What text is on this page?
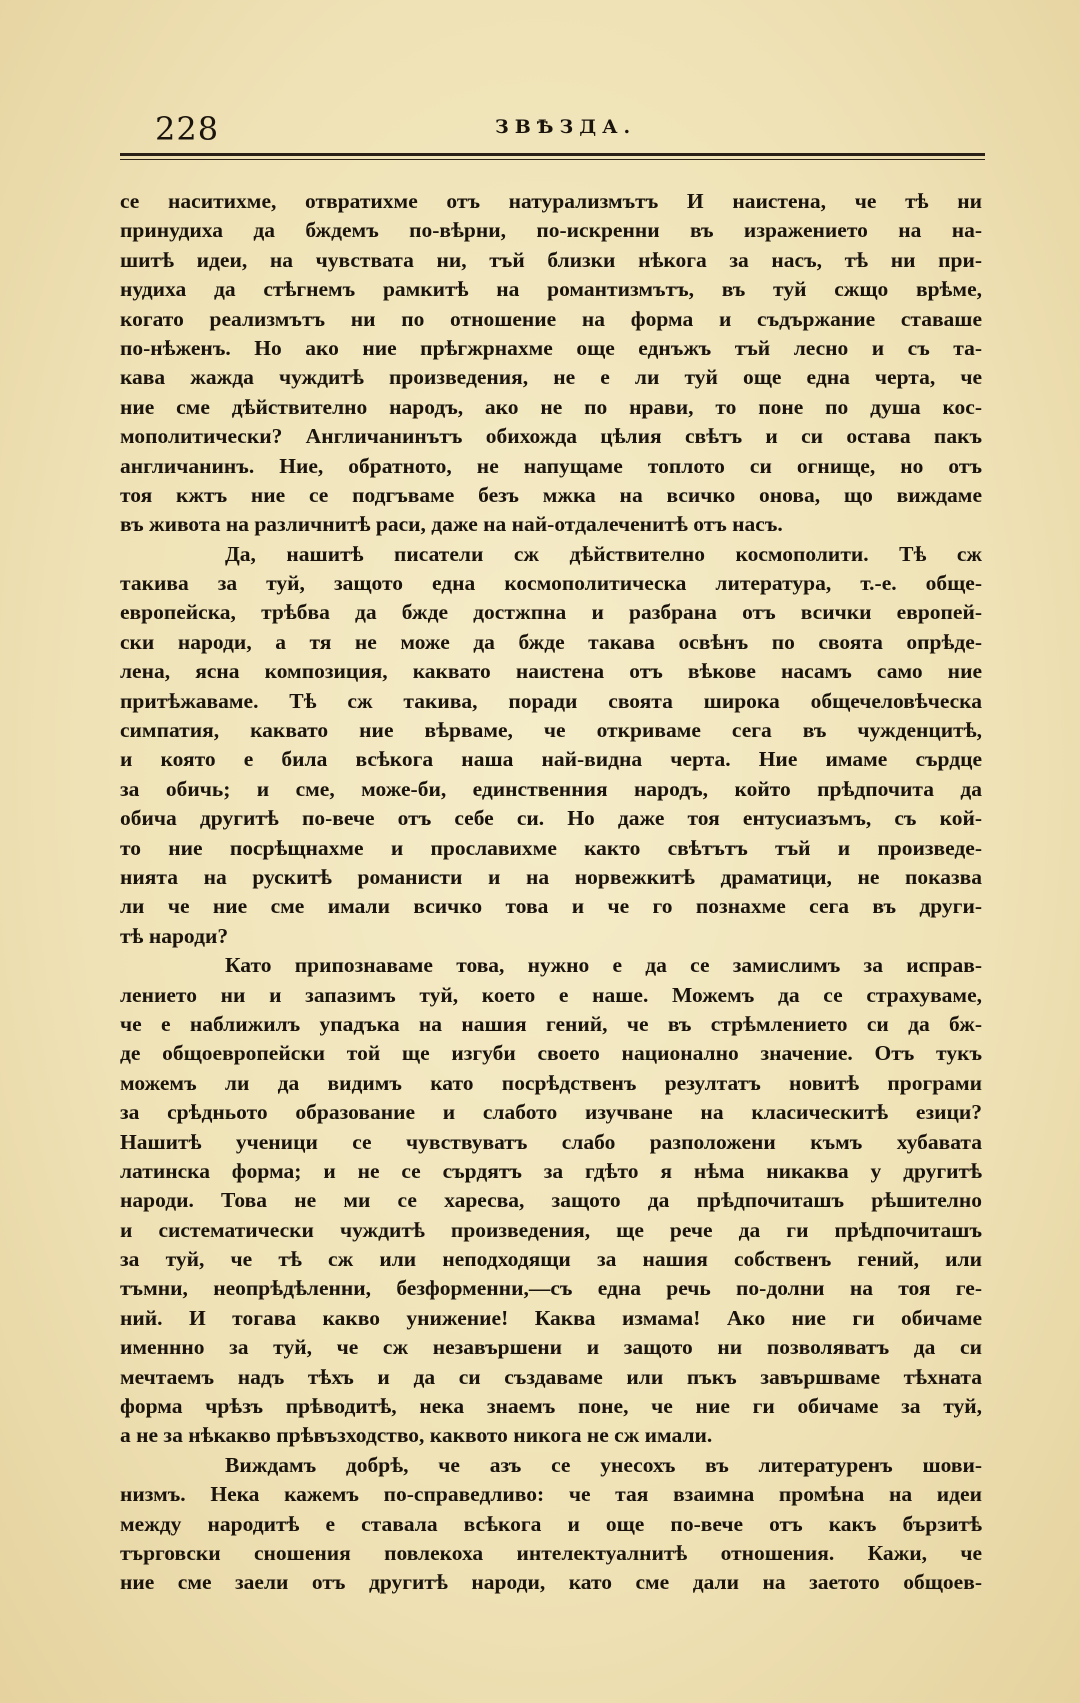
228	ЗВѢЗДА.
се наситихме, отвратихме отъ натурализмътъ И наистена, че тѣ ни
принудиха да бждемъ по-вѣрни, по-искренни въ изражението на на-
шитѣ идеи, на чувствата ни, тъй близки нѣкога за насъ, тѣ ни при-
нудиха да стѣгнемъ рамкитѣ на романтизмътъ, въ туй сжщо врѣме,
когато реализмътъ ни по отношение на форма и съдържание ставаше
по-нѣженъ. Но ако ние прѣгжрнахме още еднъжъ тъй лесно и съ та-
кава жажда чуждитѣ произведения, не е ли туй още една черта, че
ние сме дѣйствително народъ, ако не по нрави, то поне по душа кос-
мополитически? Англичанинътъ обихожда цѣлия свѣтъ и си остава пакъ
англичанинъ. Ние, обратното, не напущаме топлото си огнище, но отъ
тоя кжтъ ние се подгъваме безъ мжка на всичко онова, що виждаме
въ живота на различнитѣ раси, даже на най-отдалеченитѣ отъ насъ.
Да, нашитѣ писатели сж дѣйствително космополити. Тѣ сж
такива за туй, защото една космополитическа литература, т.-е. обще-
европейска, трѣбва да бжде достжпна и разбрана отъ всички европей-
ски народи, а тя не може да бжде такава освѣнъ по своята опрѣде-
лена, ясна композиция, каквато наистена отъ вѣкове насамъ само ние
притѣжаваме. Тѣ сж такива, поради своята широка общечеловѣческа
симпатия, каквато ние вѣрваме, че откриваме сега въ чужденцитѣ,
и която е била всѣкога наша най-видна черта. Ние имаме сърдце
за обичь; и сме, може-би, единственния народъ, който прѣдпочита да
обича другитѣ по-вече отъ себе си. Но даже тоя ентусиазъмъ, съ кой-
то ние посрѣщнахме и прославихме както свѣтътъ тъй и произведе-
нията на рускитѣ романисти и на норвежкитѣ драматици, не показва
ли че ние сме имали всичко това и че го познахме сега въ други-
тѣ народи?
Като припознаваме това, нужно е да се замислимъ за исправ-
лението ни и запазимъ туй, което е наше. Можемъ да се страхуваме,
че е наближилъ упадъка на нашия гений, че въ стрѣмлението си да бж-
де общоевропейски той ще изгуби своето национално значение. Отъ тукъ
можемъ ли да видимъ като посрѣдственъ резултатъ новитѣ програми
за срѣдньото образование и слабото изучване на класическитѣ езици?
Нашитѣ ученици се чувствуватъ слабо разположени къмъ хубавата
латинска форма; и не се сърдятъ за гдѣто я нѣма никаква у другитѣ
народи. Това не ми се харесва, защото да прѣдпочиташъ рѣшително
и систематически чуждитѣ произведения, ще рече да ги прѣдпочиташъ
за туй, че тѣ сж или неподходящи за нашия собственъ гений, или
тъмни, неопрѣдѣленни, безформенни,—съ една речь по-долни на тоя ге-
ний. И тогава какво унижение! Каква измама! Ако ние ги обичаме
именнно за туй, че сж незавършени и защото ни позволяватъ да си
мечтаемъ надъ тѣхъ и да си създаваме или пъкъ завършваме тѣхната
форма чрѣзъ прѣводитѣ, нека знаемъ поне, че ние ги обичаме за туй,
а не за нѣкакво прѣвъзходство, каквото никога не сж имали.
Виждамъ добрѣ, че азъ се унесохъ въ литературенъ шови-
низмъ. Нека кажемъ по-справедливо: че тая взаимна промѣна на идеи
между народитѣ е ставала всѣкога и още по-вече отъ какъ бързитѣ
търговски сношения повлекоха интелектуалнитѣ отношения. Кажи, че
ние сме заели отъ другитѣ народи, като сме дали на заетото общоев-
